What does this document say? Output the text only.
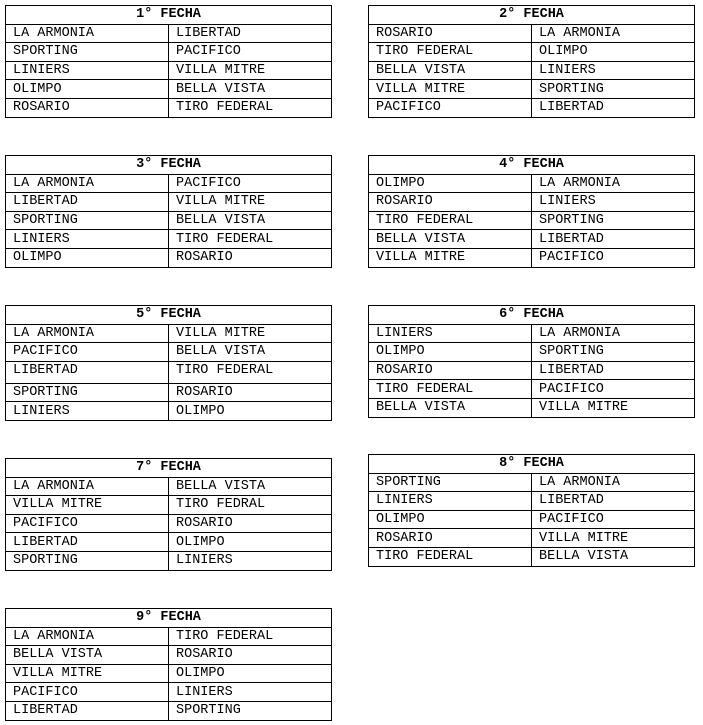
1° FECHA	
LA ARMONIA	LIBERTAD
SPORTING	PACIFICO
LINIERS	VILLA MITRE
OLIMPO	BELLA VISTA
ROSARIO	TIRO FEDERAL
2° FECHA	
ROSARIO	LA ARMONIA
TIRO FEDERAL	OLIMPO
BELLA VISTA	LINIERS
VILLA MITRE	SPORTING
PACIFICO	LIBERTAD
3° FECHA	
LA ARMONIA	PACIFICO
LIBERTAD	VILLA MITRE
SPORTING	BELLA VISTA
LINIERS	TIRO FEDERAL
OLIMPO	ROSARIO
4° FECHA	
OLIMPO	LA ARMONIA
ROSARIO	LINIERS
TIRO FEDERAL	SPORTING
BELLA VISTA	LIBERTAD
VILLA MITRE	PACIFICO
5° FECHA	
LA ARMONIA	VILLA MITRE
PACIFICO	BELLA VISTA
LIBERTAD	TIRO FEDERAL
SPORTING	ROSARIO
LINIERS	OLIMPO
6° FECHA	
LINIERS	LA ARMONIA
OLIMPO	SPORTING
ROSARIO	LIBERTAD
TIRO FEDERAL	PACIFICO
BELLA VISTA	VILLA MITRE
7° FECHA	
LA ARMONIA	BELLA VISTA
VILLA MITRE	TIRO FEDRAL
PACIFICO	ROSARIO
LIBERTAD	OLIMPO
SPORTING	LINIERS
8° FECHA	
SPORTING	LA ARMONIA
LINIERS	LIBERTAD
OLIMPO	PACIFICO
ROSARIO	VILLA MITRE
TIRO FEDERAL	BELLA VISTA
9° FECHA	
LA ARMONIA	TIRO FEDERAL
BELLA VISTA	ROSARIO
VILLA MITRE	OLIMPO
PACIFICO	LINIERS
LIBERTAD	SPORTING
